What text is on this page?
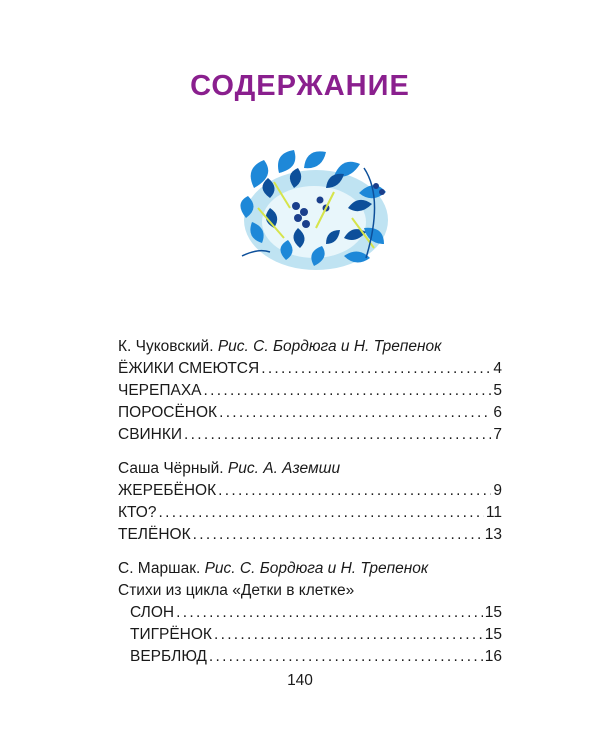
СОДЕРЖАНИЕ

К. Чуковский. Рис. С. Бордюга и Н. Трепенок

ЁЖИКИ СМЕЮТСЯ . . .	4
ЧЕРЕПАХА . . .	5
ПОРОСЁНОК . . .	6
СВИНКИ . . .	7

Саша Чёрный. Рис. А. Аземши

ЖЕРЕБЁНОК . . .	9
КТО? . . .	11
ТЕЛЁНОК . . .	13

С. Маршак. Рис. С. Бордюга и Н. Трепенок

Стихи из цикла «Детки в клетке»

СЛОН . . .	15
ТИГРЁНОК . . .	15
ВЕРБЛЮД . . .	16
140
